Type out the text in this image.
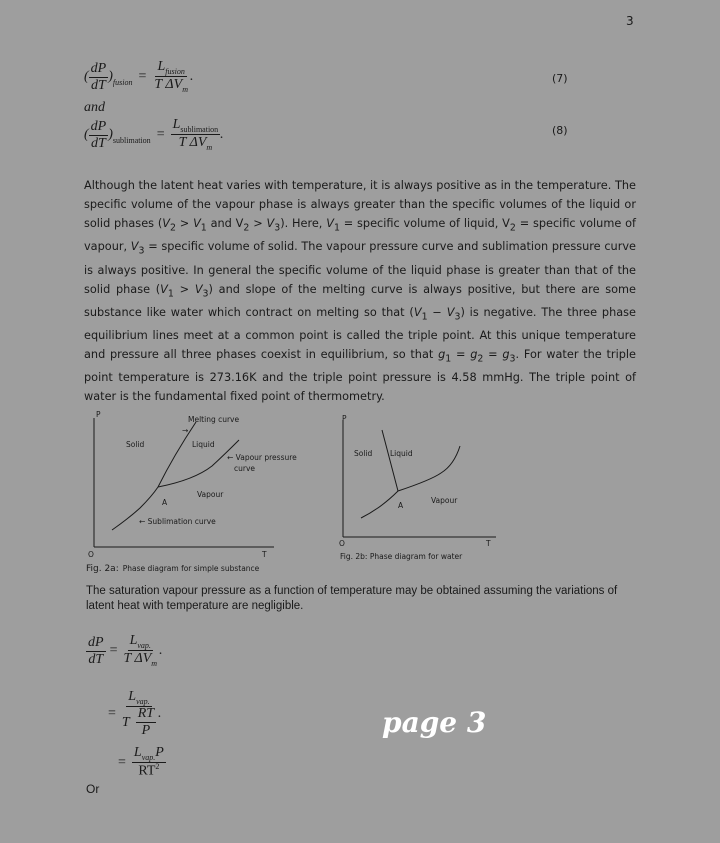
3
( $\frac{dP}{dT}$ ) fusion = $\frac{L_{fusion}}{T \Delta V_m}$ .	(7)
and
( $\frac{dP}{dT}$ ) sublimation = $\frac{L_{sublimation}}{T \Delta V_m}$ .	(8)
Although the latent heat varies with temperature, it is always positive as in the temperature. The specific volume of the vapour phase is always greater than the specific volumes of the liquid or solid phases ($V_2 > V_1$ and $V_2 > V_3$). Here, $V_1$ = specific volume of liquid, $V_2$ = specific volume of vapour, $V_3$ = specific volume of solid. The vapour pressure curve and sublimation pressure curve is always positive. In general the specific volume of the liquid phase is greater than that of the solid phase $(V_1 > V_3)$ and slope of the melting curve is always positive, but there are some substance like water which contract on melting so that $(V_1 - V_3)$ is negative. The three phase equilibrium lines meet at a common point is called the triple point. At this unique temperature and pressure all three phases coexist in equilibrium, so that $g_1 = g_2 = g_3$. For water the triple point temperature is 273.16K and the triple point pressure is 4.58 mmHg. The triple point of water is the fundamental fixed point of thermometry.
P
Melting curve
→
Solid	Liquid
← Vapour pressure
curve
Vapour
A
← Sublimation curve
O	T
Fig. 2a: Phase diagram for simple substance
P
Solid Liquid
Vapour
A
O	T
Fig. 2b: Phase diagram for water
The saturation vapour pressure as a function of temperature may be obtained assuming the variations of latent heat with temperature are negligible.
$\frac{dP}{dT} = \frac{L_{vap.}}{T \Delta V_m}$ .
= $\frac{L_{vap.}}{T \frac{RT}{P}}$ .
= $\frac{L_{vap.}P}{RT^2}$
Or
page 3
